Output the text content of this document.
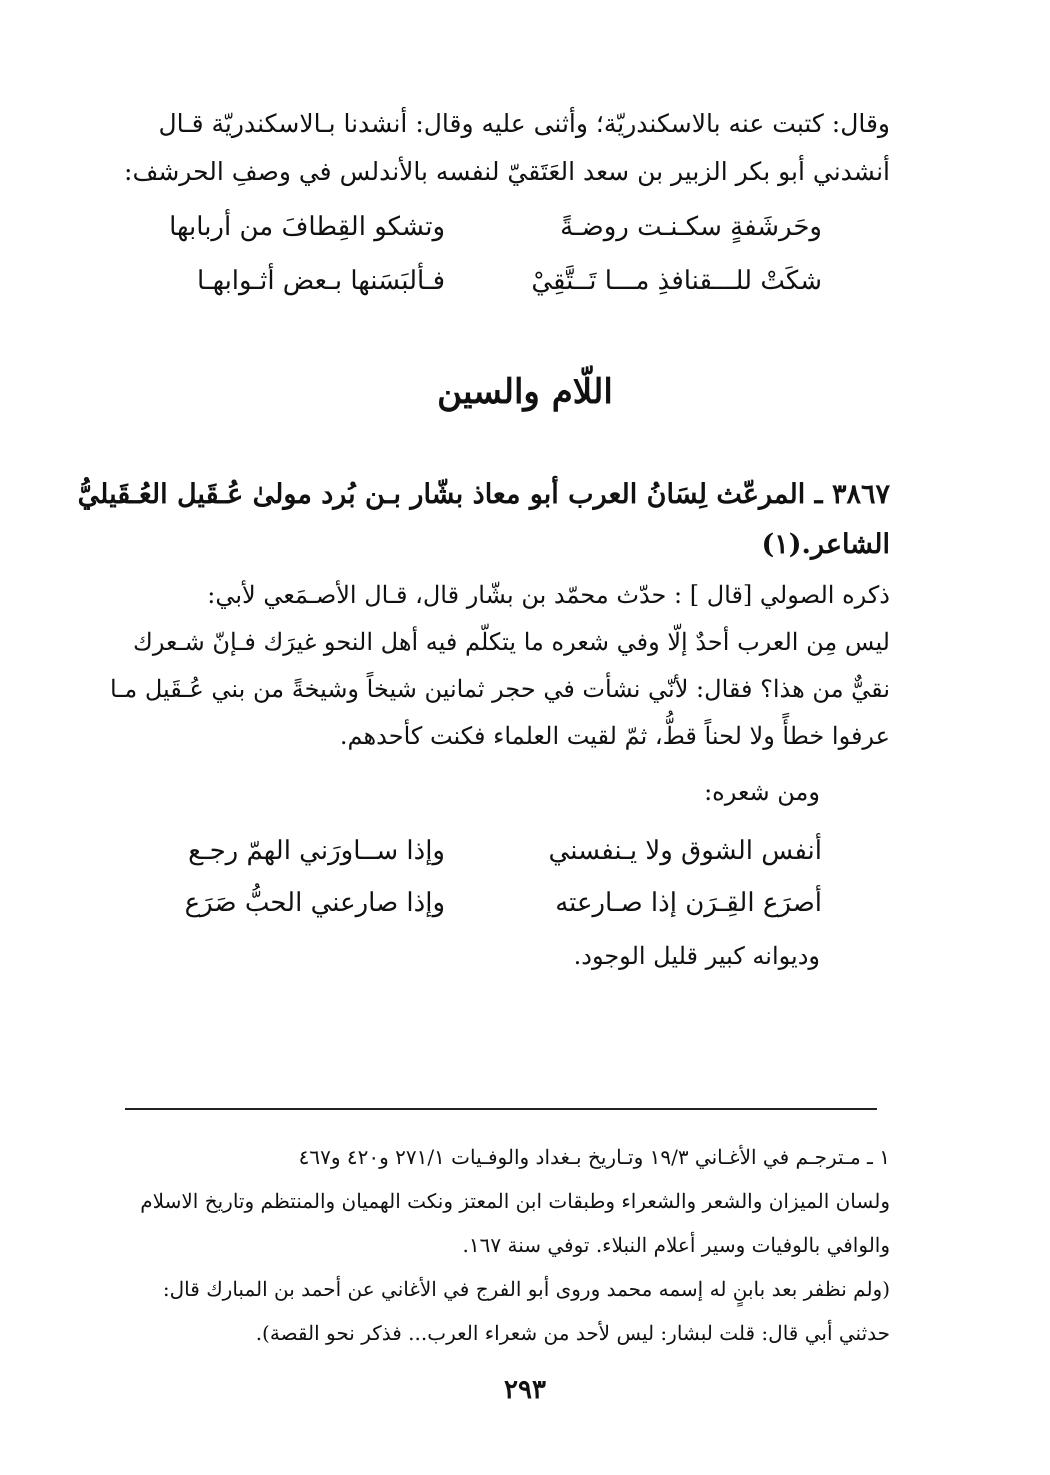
وقال: كتبت عنه بالاسكندريّة؛ وأثنى عليه وقال: أنشدنا بـالاسكندريّة قـال
أنشدني أبو بكر الزبير بن سعد العَتَقيّ لنفسه بالأندلس في وصفِ الحرشف:
وحَرشَفةٍ سكـنـت روضـةً
وتشكو القِطافَ من أربابها
شكَتْ للـــقنافذِ مـــا تَــتَّقِيْ
فـألبَسَنها بـعض أثـوابهـا
اللّام والسين
٣٨٦٧ ـ المرعّث لِسَانُ العرب أبو معاذ بشّار بـن بُرد مولىٰ عُـقَيل العُـقَيليُّ
الشاعر.(١)
ذكره الصولي [قال ] : حدّث محمّد بن بشّار قال، قـال الأصـمَعي لأبي:
ليس مِن العرب أحدٌ إلّا وفي شعره ما يتكلّم فيه أهل النحو غيرَك فـإنّ شـعرك
نقيٌّ من هذا؟ فقال: لأنّي نشأت في حجر ثمانين شيخاً وشيخةً من بني عُـقَيل مـا
عرفوا خطأً ولا لحناً قطُّ، ثمّ لقيت العلماء فكنت كأحدهم.
ومن شعره:
أنفس الشوق ولا يـنفسني
وإذا ســاورَني الهمّ رجـع
أصرَع القِـرَن إذا صـارعته
وإذا صارعني الحبُّ صَرَع
وديوانه كبير قليل الوجود.
١ ـ مـترجـم في الأغـاني ١٩/٣ وتـاريخ بـغداد والوفـيات ٢٧١/١ و٤٢٠ و٤٦٧
ولسان الميزان والشعر والشعراء وطبقات ابن المعتز ونكت الهميان والمنتظم وتاريخ الاسلام
والوافي بالوفيات وسير أعلام النبلاء. توفي سنة ١٦٧.
(ولم نظفر بعد بابنٍ له إسمه محمد وروى أبو الفرج في الأغاني عن أحمد بن المبارك قال:
حدثني أبي قال: قلت لبشار: ليس لأحد من شعراء العرب... فذكر نحو القصة).
٢٩٣
